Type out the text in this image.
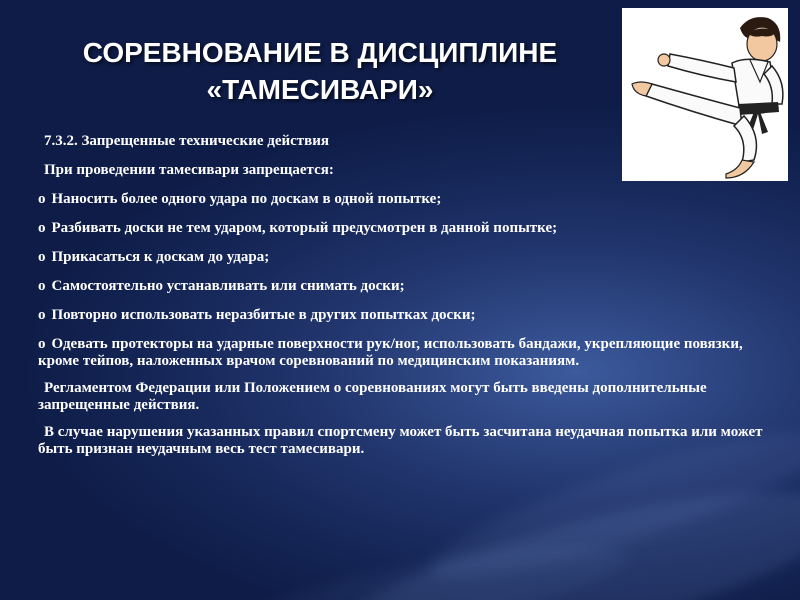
СОРЕВНОВАНИЕ В ДИСЦИПЛИНЕ
«ТАМЕСИВАРИ»

7.3.2. Запрещенные технические действия

При проведении тамесивари запрещается:

o Наносить более одного удара по доскам в одной попытке;

o Разбивать доски не тем ударом, который предусмотрен в данной попытке;

o Прикасаться к доскам до удара;

o Самостоятельно устанавливать или снимать доски;

o Повторно использовать неразбитые в других попытках доски;

o Одевать протекторы на ударные поверхности рук/ног, использовать бандажи, укрепляющие повязки, кроме тейпов, наложенных врачом соревнований по медицинским показаниям.

Регламентом Федерации или Положением о соревнованиях могут быть введены дополнительные запрещенные действия.

В случае нарушения указанных правил спортсмену может быть засчитана неудачная попытка или может быть признан неудачным весь тест тамесивари.
